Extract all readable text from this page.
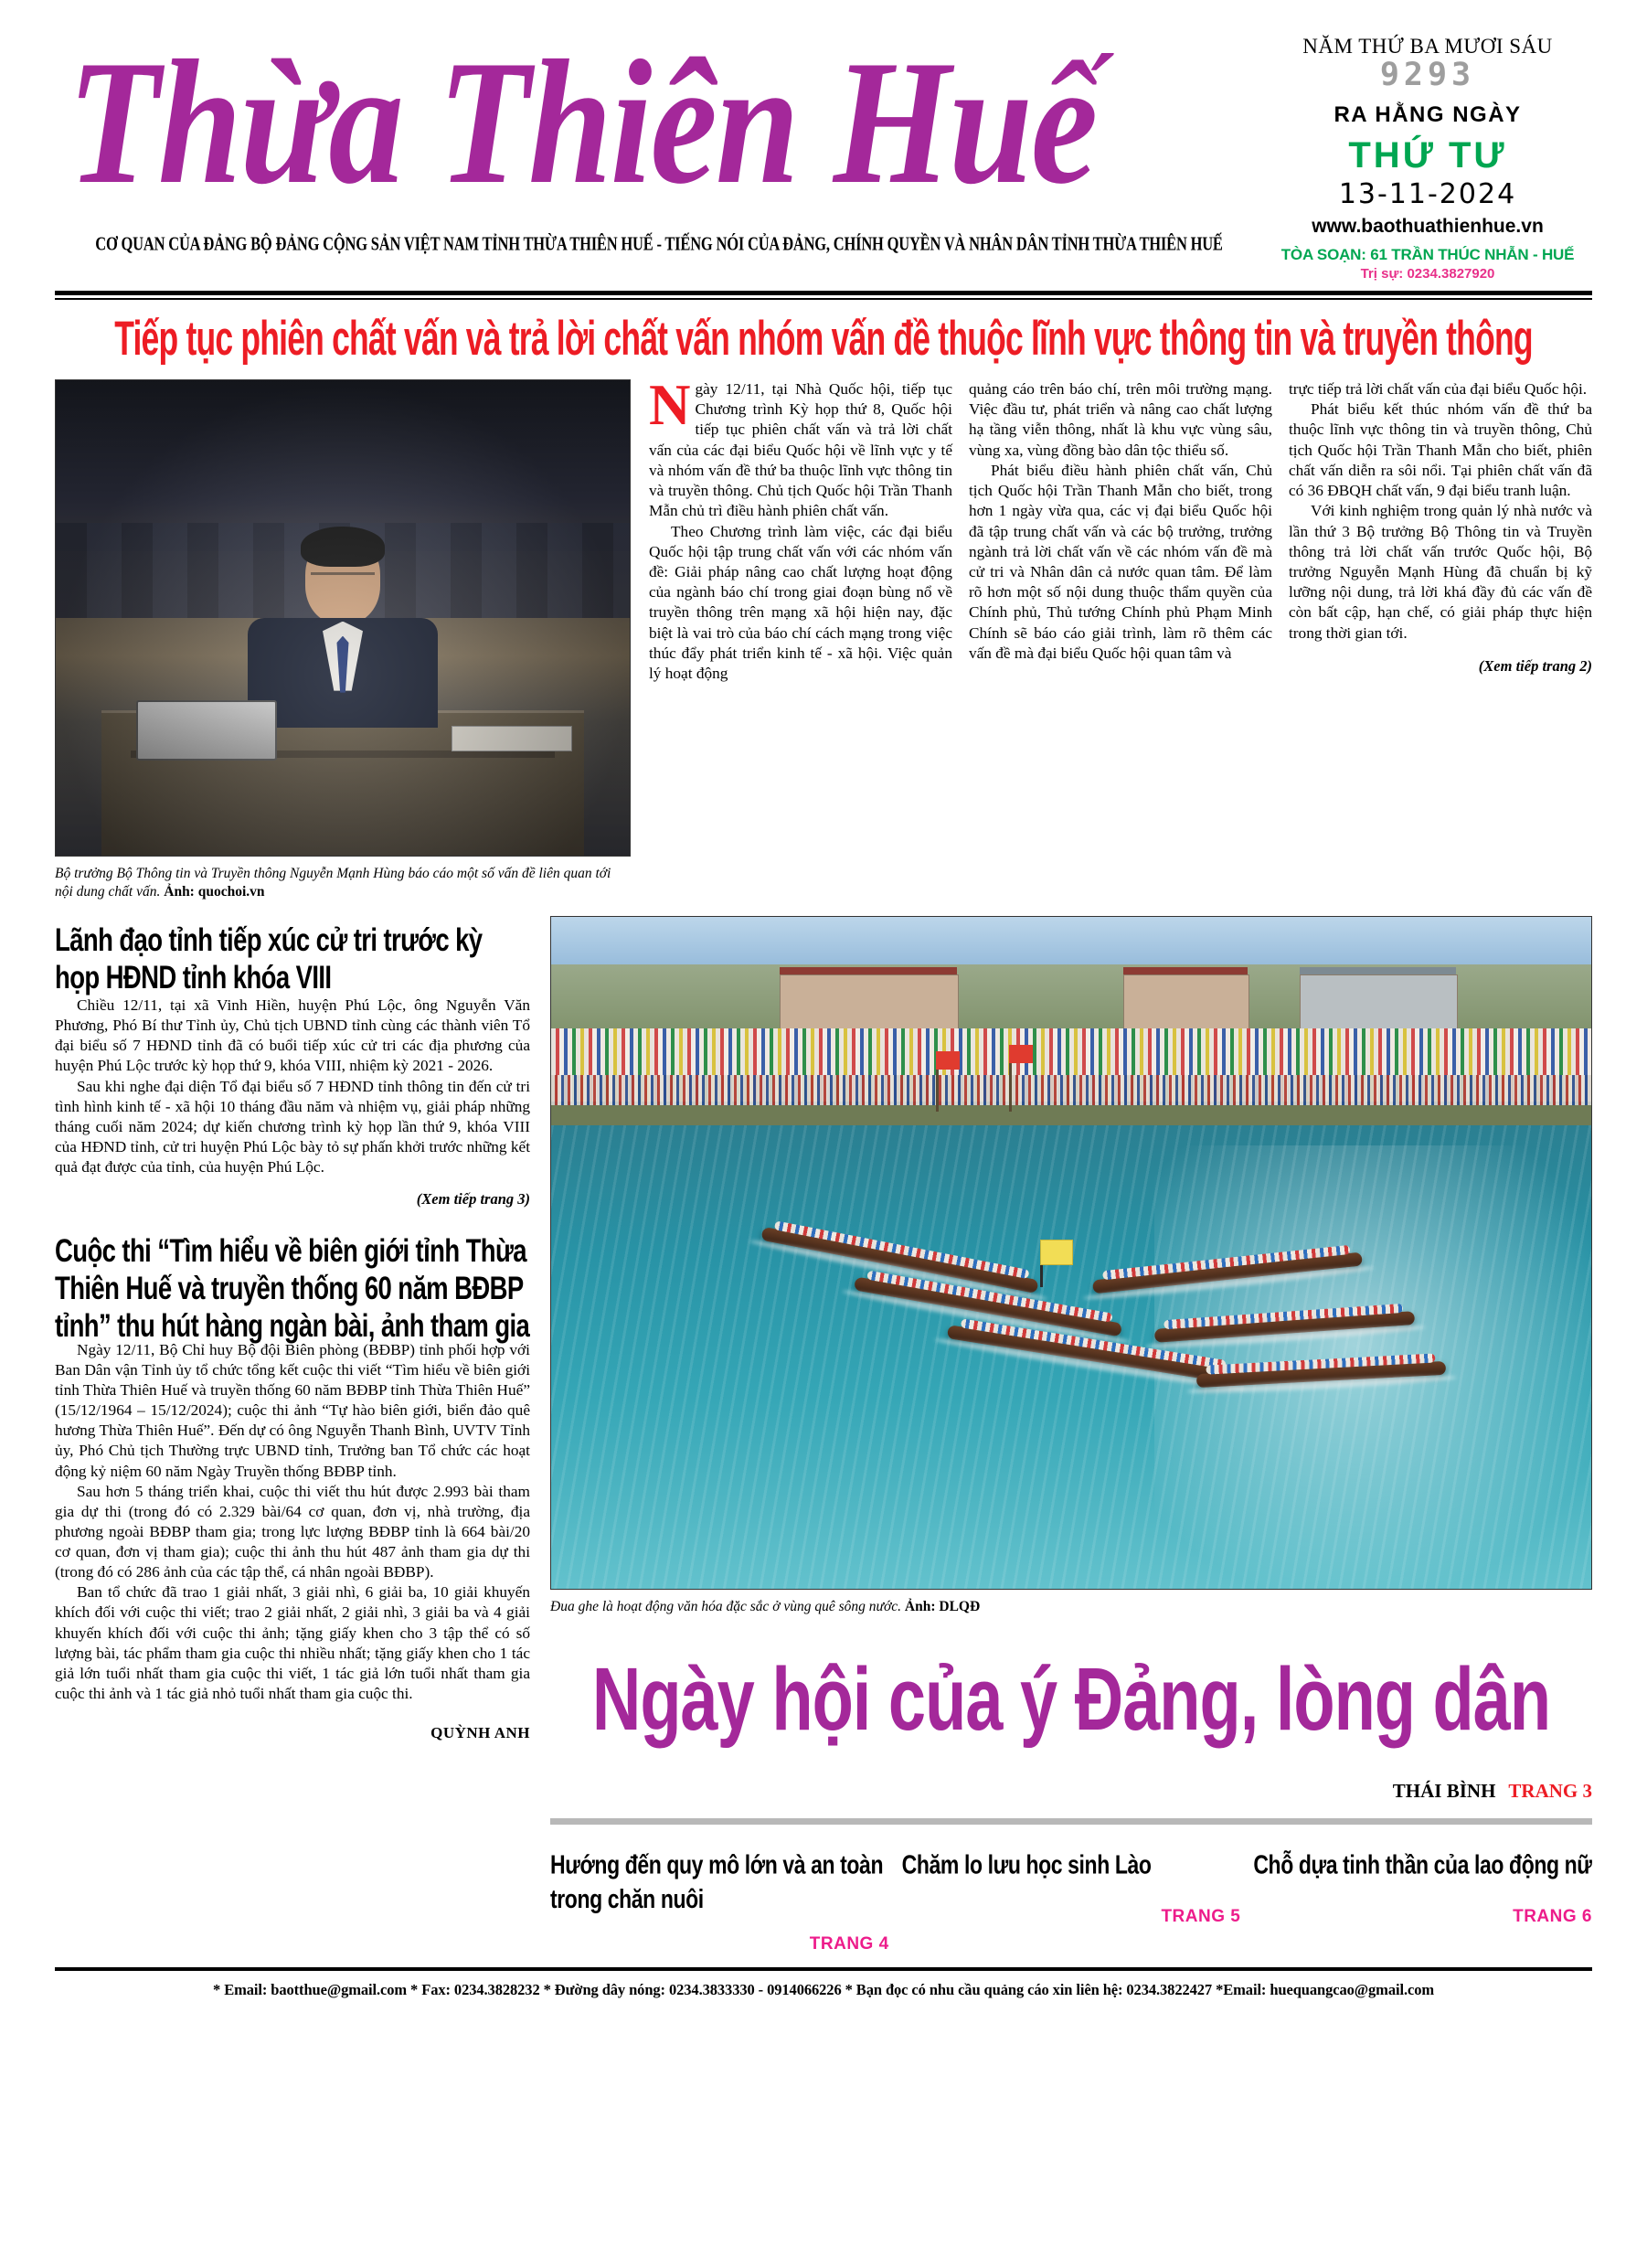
Thừa Thiên Huế
CƠ QUAN CỦA ĐẢNG BỘ ĐẢNG CỘNG SẢN VIỆT NAM TỈNH THỪA THIÊN HUẾ - TIẾNG NÓI CỦA ĐẢNG, CHÍNH QUYỀN VÀ NHÂN DÂN TỈNH THỪA THIÊN HUẾ
NĂM THỨ BA MƯƠI SÁU
9293
RA HẰNG NGÀY
THỨ TƯ
13-11-2024
www.baothuathienhue.vn
TÒA SOẠN: 61 TRẦN THÚC NHẪN - HUẾ
Trị sự: 0234.3827920
Tiếp tục phiên chất vấn và trả lời chất vấn nhóm vấn đề thuộc lĩnh vực thông tin và truyền thông
Bộ trưởng Bộ Thông tin và Truyền thông Nguyễn Mạnh Hùng báo cáo một số vấn đề liên quan tới nội dung chất vấn. Ảnh: quochoi.vn

Ngày 12/11, tại Nhà Quốc hội, tiếp tục Chương trình Kỳ họp thứ 8, Quốc hội tiếp tục phiên chất vấn và trả lời chất vấn của các đại biểu Quốc hội về lĩnh vực y tế và nhóm vấn đề thứ ba thuộc lĩnh vực thông tin và truyền thông. Chủ tịch Quốc hội Trần Thanh Mẫn chủ trì điều hành phiên chất vấn.

Theo Chương trình làm việc, các đại biểu Quốc hội tập trung chất vấn với các nhóm vấn đề: Giải pháp nâng cao chất lượng hoạt động của ngành báo chí trong giai đoạn bùng nổ về truyền thông trên mạng xã hội hiện nay, đặc biệt là vai trò của báo chí cách mạng trong việc thúc đẩy phát triển kinh tế - xã hội. Việc quản lý hoạt động

quảng cáo trên báo chí, trên môi trường mạng. Việc đầu tư, phát triển và nâng cao chất lượng hạ tầng viễn thông, nhất là khu vực vùng sâu, vùng xa, vùng đồng bào dân tộc thiểu số.

Phát biểu điều hành phiên chất vấn, Chủ tịch Quốc hội Trần Thanh Mẫn cho biết, trong hơn 1 ngày vừa qua, các vị đại biểu Quốc hội đã tập trung chất vấn và các bộ trưởng, trưởng ngành trả lời chất vấn về các nhóm vấn đề mà cử tri và Nhân dân cả nước quan tâm. Để làm rõ hơn một số nội dung thuộc thẩm quyền của Chính phủ, Thủ tướng Chính phủ Phạm Minh Chính sẽ báo cáo giải trình, làm rõ thêm các vấn đề mà đại biểu Quốc hội quan tâm và

trực tiếp trả lời chất vấn của đại biểu Quốc hội.

Phát biểu kết thúc nhóm vấn đề thứ ba thuộc lĩnh vực thông tin và truyền thông, Chủ tịch Quốc hội Trần Thanh Mẫn cho biết, phiên chất vấn diễn ra sôi nổi. Tại phiên chất vấn đã có 36 ĐBQH chất vấn, 9 đại biểu tranh luận.

Với kinh nghiệm trong quản lý nhà nước và lần thứ 3 Bộ trưởng Bộ Thông tin và Truyền thông trả lời chất vấn trước Quốc hội, Bộ trưởng Nguyễn Mạnh Hùng đã chuẩn bị kỹ lưỡng nội dung, trả lời khá đầy đủ các vấn đề còn bất cập, hạn chế, có giải pháp thực hiện trong thời gian tới.

(Xem tiếp trang 2)
Lãnh đạo tỉnh tiếp xúc cử tri trước kỳ họp HĐND tỉnh khóa VIII

Chiều 12/11, tại xã Vinh Hiền, huyện Phú Lộc, ông Nguyễn Văn Phương, Phó Bí thư Tỉnh ủy, Chủ tịch UBND tỉnh cùng các thành viên Tổ đại biểu số 7 HĐND tỉnh đã có buổi tiếp xúc cử tri các địa phương của huyện Phú Lộc trước kỳ họp thứ 9, khóa VIII, nhiệm kỳ 2021 - 2026.

Sau khi nghe đại diện Tổ đại biểu số 7 HĐND tỉnh thông tin đến cử tri tình hình kinh tế - xã hội 10 tháng đầu năm và nhiệm vụ, giải pháp những tháng cuối năm 2024; dự kiến chương trình kỳ họp lần thứ 9, khóa VIII của HĐND tỉnh, cử tri huyện Phú Lộc bày tỏ sự phấn khởi trước những kết quả đạt được của tỉnh, của huyện Phú Lộc.

(Xem tiếp trang 3)
Cuộc thi “Tìm hiểu về biên giới tỉnh Thừa Thiên Huế và truyền thống 60 năm BĐBP tỉnh” thu hút hàng ngàn bài, ảnh tham gia

Ngày 12/11, Bộ Chỉ huy Bộ đội Biên phòng (BĐBP) tỉnh phối hợp với Ban Dân vận Tỉnh ủy tổ chức tổng kết cuộc thi viết “Tìm hiểu về biên giới tỉnh Thừa Thiên Huế và truyền thống 60 năm BĐBP tỉnh Thừa Thiên Huế” (15/12/1964 – 15/12/2024); cuộc thi ảnh “Tự hào biên giới, biển đảo quê hương Thừa Thiên Huế”. Đến dự có ông Nguyễn Thanh Bình, UVTV Tỉnh ủy, Phó Chủ tịch Thường trực UBND tỉnh, Trưởng ban Tổ chức các hoạt động kỷ niệm 60 năm Ngày Truyền thống BĐBP tỉnh.

Sau hơn 5 tháng triển khai, cuộc thi viết thu hút được 2.993 bài tham gia dự thi (trong đó có 2.329 bài/64 cơ quan, đơn vị, nhà trường, địa phương ngoài BĐBP tham gia; trong lực lượng BĐBP tỉnh là 664 bài/20 cơ quan, đơn vị tham gia); cuộc thi ảnh thu hút 487 ảnh tham gia dự thi (trong đó có 286 ảnh của các tập thể, cá nhân ngoài BĐBP).

Ban tổ chức đã trao 1 giải nhất, 3 giải nhì, 6 giải ba, 10 giải khuyến khích đối với cuộc thi viết; trao 2 giải nhất, 2 giải nhì, 3 giải ba và 4 giải khuyến khích đối với cuộc thi ảnh; tặng giấy khen cho 3 tập thể có số lượng bài, tác phẩm tham gia cuộc thi nhiều nhất; tặng giấy khen cho 1 tác giả lớn tuổi nhất tham gia cuộc thi viết, 1 tác giả lớn tuổi nhất tham gia cuộc thi ảnh và 1 tác giả nhỏ tuổi nhất tham gia cuộc thi.

QUỲNH ANH
Đua ghe là hoạt động văn hóa đặc sắc ở vùng quê sông nước. Ảnh: DLQĐ
Ngày hội của ý Đảng, lòng dân
THÁI BÌNH TRANG 3
Hướng đến quy mô lớn và an toàn trong chăn nuôi
TRANG 4
Chăm lo lưu học sinh Lào
TRANG 5
Chỗ dựa tinh thần của lao động nữ
TRANG 6
* Email: baotthue@gmail.com * Fax: 0234.3828232 * Đường dây nóng: 0234.3833330 - 0914066226 * Bạn đọc có nhu cầu quảng cáo xin liên hệ: 0234.3822427 *Email: huequangcao@gmail.com
